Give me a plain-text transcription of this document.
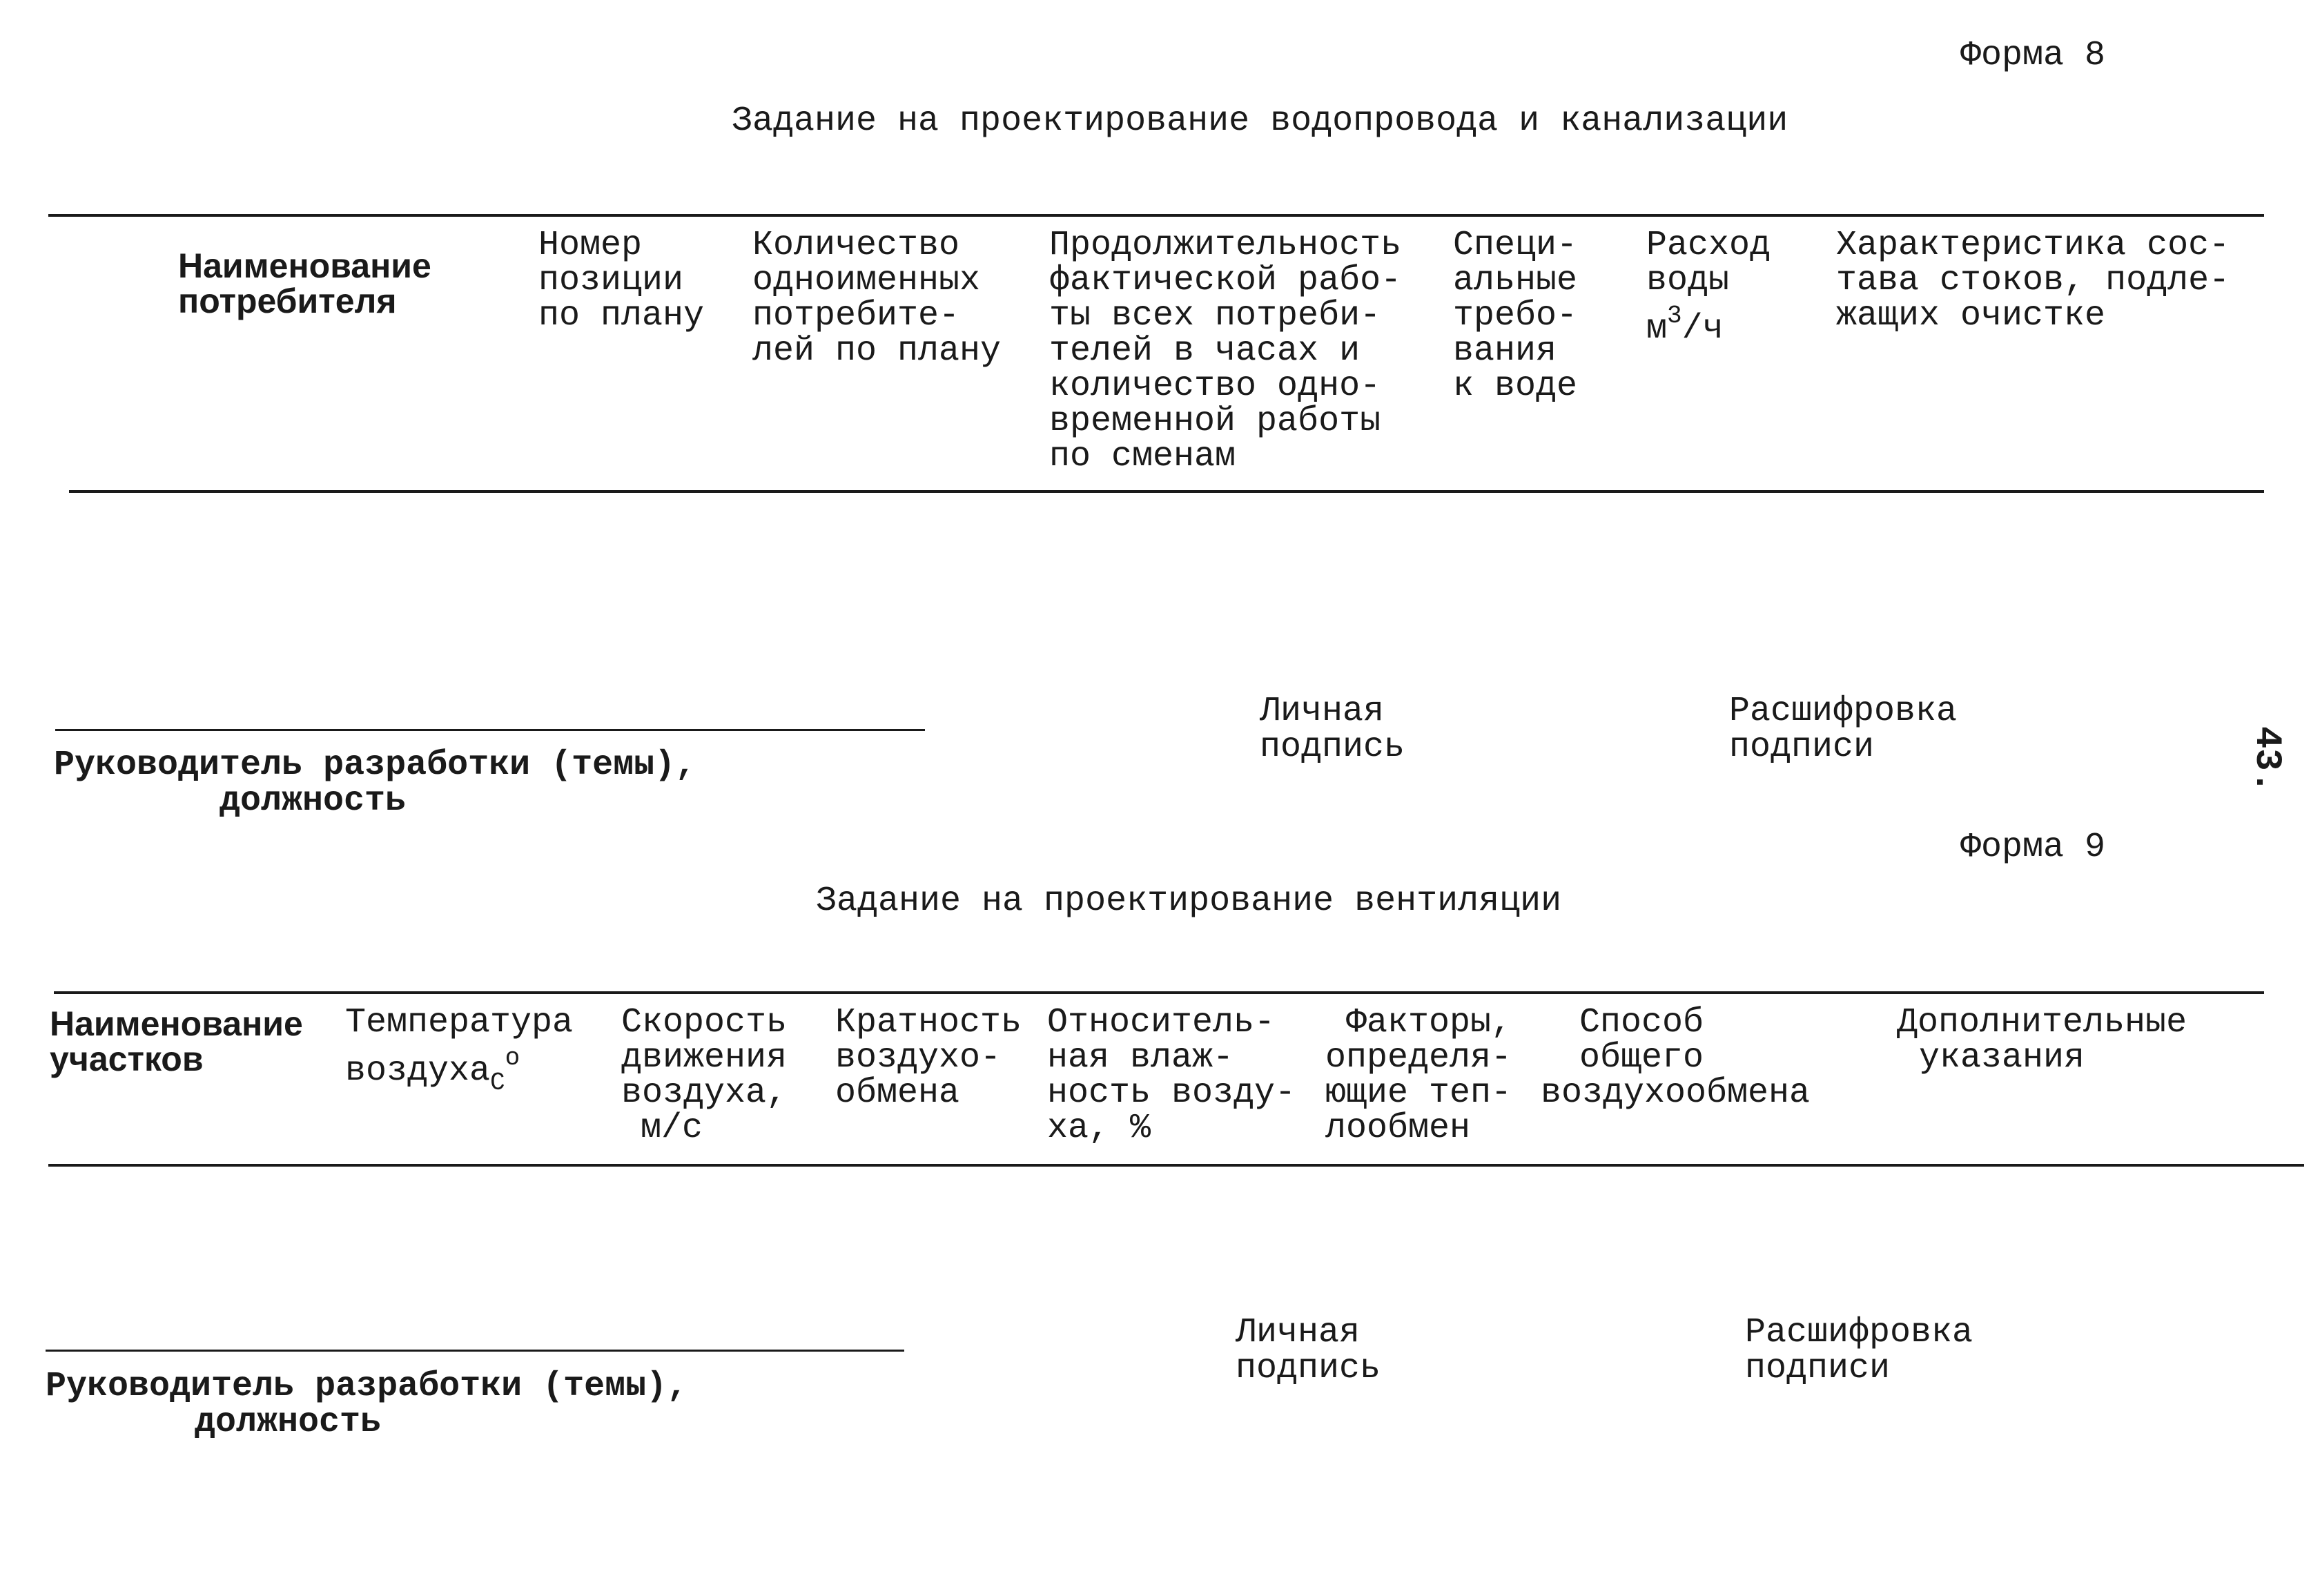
Форма 8
Задание на проектирование водопровода и канализации
Наименование
потребителя
Номер
позиции
по плану
Количество
одноименных
потребите-
лей по плану
Продолжительность
фактической рабо-
ты всех потреби-
телей в часах и
количество одно-
временной работы
по сменам
Специ-
альные
требо-
вания
к воде
Расход
воды
$м^3/ч$
Характеристика сос-
тава стоков, подле-
жащих очистке
Личная
подпись
Расшифровка
подписи
Руководитель разработки (темы),
должность
43.
Форма 9
Задание на проектирование вентиляции
Наименование
участков
Температура
воздуха$_С^о$
Скорость
движения
воздуха,
м/с
Кратность
воздухо-
обмена
Относитель-
ная влаж-
ность возду-
ха, %
Факторы,
определя-
ющие теп-
лообмен
Способ
общего
воздухообмена
Дополнительные
указания
Личная
подпись
Расшифровка
подписи
Руководитель разработки (темы),
должность
